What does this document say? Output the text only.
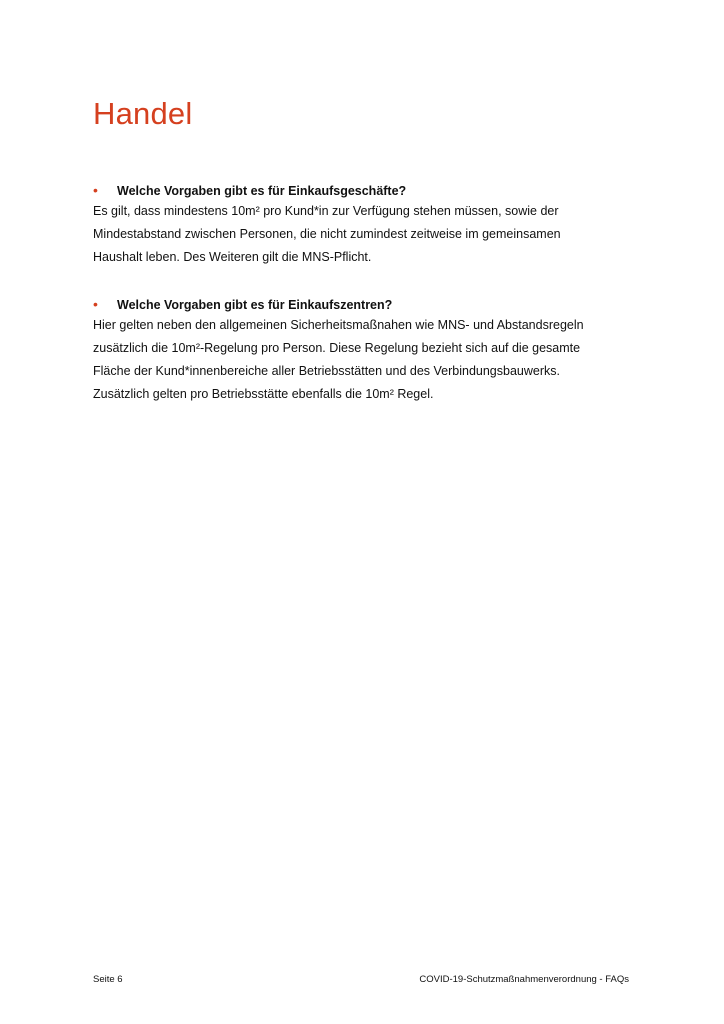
Handel
•	Welche Vorgaben gibt es für Einkaufsgeschäfte?
Es gilt, dass mindestens 10m² pro Kund*in zur Verfügung stehen müssen, sowie der
Mindestabstand zwischen Personen, die nicht zumindest zeitweise im gemeinsamen
Haushalt leben. Des Weiteren gilt die MNS-Pflicht.
•	Welche Vorgaben gibt es für Einkaufszentren?
Hier gelten neben den allgemeinen Sicherheitsmaßnahen wie MNS- und Abstandsregeln
zusätzlich die 10m²-Regelung pro Person. Diese Regelung bezieht sich auf die gesamte
Fläche der Kund*innenbereiche aller Betriebsstätten und des Verbindungsbauwerks.
Zusätzlich gelten pro Betriebsstätte ebenfalls die 10m² Regel.
Seite 6	COVID-19-Schutzmaßnahmenverordnung - FAQs
